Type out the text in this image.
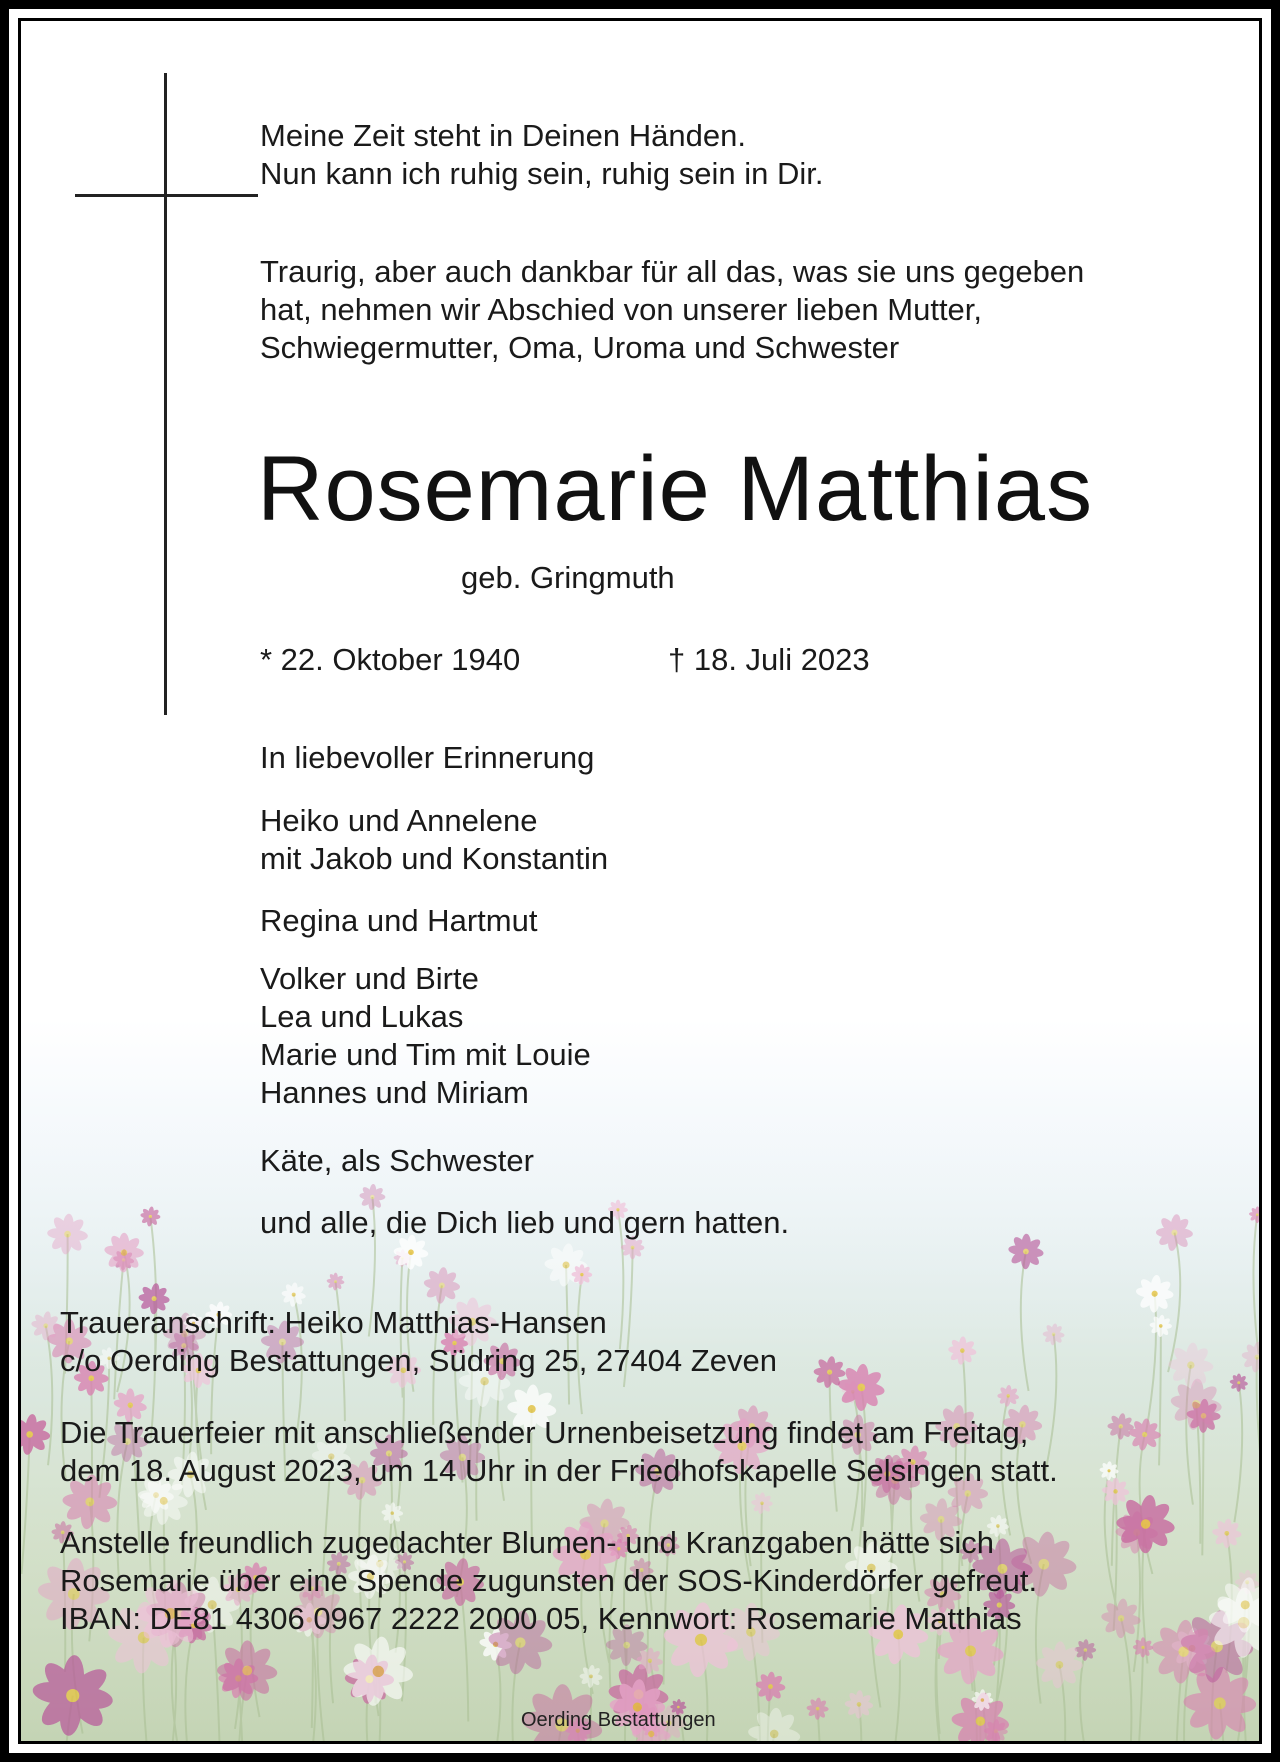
Meine Zeit steht in Deinen Händen.
Nun kann ich ruhig sein, ruhig sein in Dir.
Traurig, aber auch dankbar für all das, was sie uns gegeben
hat, nehmen wir Abschied von unserer lieben Mutter,
Schwiegermutter, Oma, Uroma und Schwester
Rosemarie Matthias
geb. Gringmuth
* 22. Oktober 1940	† 18. Juli 2023
In liebevoller Erinnerung
Heiko und Annelene
mit Jakob und Konstantin
Regina und Hartmut
Volker und Birte
Lea und Lukas
Marie und Tim mit Louie
Hannes und Miriam
Käte, als Schwester
und alle, die Dich lieb und gern hatten.
Traueranschrift: Heiko Matthias-Hansen
c/o Oerding Bestattungen, Südring 25, 27404 Zeven
Die Trauerfeier mit anschließender Urnenbeisetzung findet am Freitag,
dem 18. August 2023, um 14 Uhr in der Friedhofskapelle Selsingen statt.
Anstelle freundlich zugedachter Blumen- und Kranzgaben hätte sich
Rosemarie über eine Spende zugunsten der SOS-Kinderdörfer gefreut.
IBAN: DE81 4306 0967 2222 2000 05, Kennwort: Rosemarie Matthias
Oerding Bestattungen
